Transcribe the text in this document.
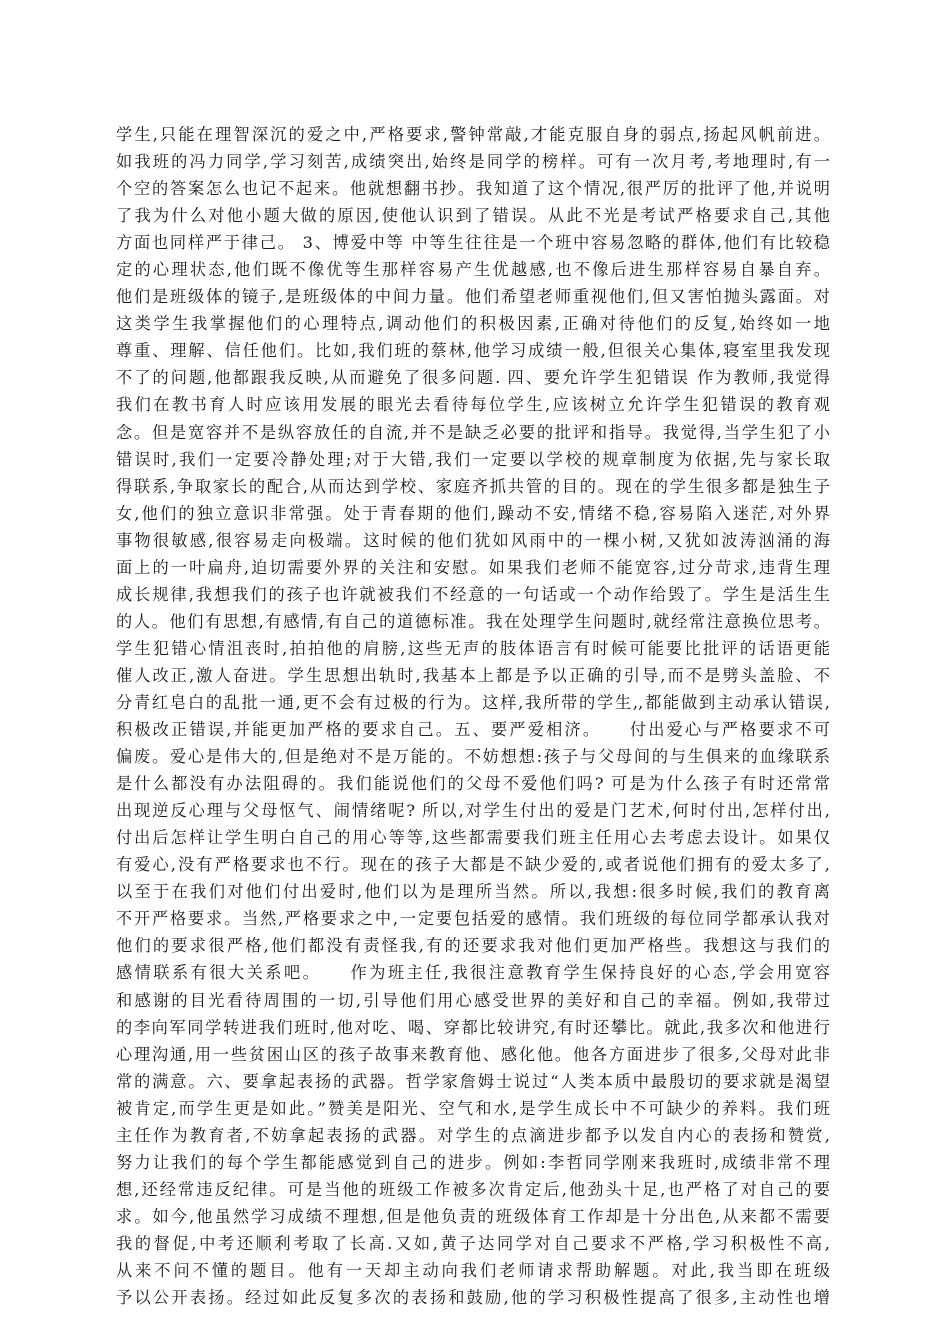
学生,只能在理智深沉的爱之中,严格要求,警钟常敲,才能克服自身的弱点,扬起风帆前进。
如我班的冯力同学,学习刻苦,成绩突出,始终是同学的榜样。可有一次月考,考地理时,有一
个空的答案怎么也记不起来。他就想翻书抄。我知道了这个情况,很严厉的批评了他,并说明
了我为什么对他小题大做的原因,使他认识到了错误。从此不光是考试严格要求自己,其他
方面也同样严于律己。 3、博爱中等 中等生往往是一个班中容易忽略的群体,他们有比较稳
定的心理状态,他们既不像优等生那样容易产生优越感,也不像后进生那样容易自暴自弃。
他们是班级体的镜子,是班级体的中间力量。他们希望老师重视他们,但又害怕抛头露面。对
这类学生我掌握他们的心理特点,调动他们的积极因素,正确对待他们的反复,始终如一地
尊重、理解、信任他们。比如,我们班的蔡林,他学习成绩一般,但很关心集体,寝室里我发现
不了的问题,他都跟我反映,从而避免了很多问题. 四、要允许学生犯错误 作为教师,我觉得
我们在教书育人时应该用发展的眼光去看待每位学生,应该树立允许学生犯错误的教育观
念。但是宽容并不是纵容放任的自流,并不是缺乏必要的批评和指导。我觉得,当学生犯了小
错误时,我们一定要冷静处理;对于大错,我们一定要以学校的规章制度为依据,先与家长取
得联系,争取家长的配合,从而达到学校、家庭齐抓共管的目的。现在的学生很多都是独生子
女,他们的独立意识非常强。处于青春期的他们,躁动不安,情绪不稳,容易陷入迷茫,对外界
事物很敏感,很容易走向极端。这时候的他们犹如风雨中的一棵小树,又犹如波涛汹涌的海
面上的一叶扁舟,迫切需要外界的关注和安慰。如果我们老师不能宽容,过分苛求,违背生理
成长规律,我想我们的孩子也许就被我们不经意的一句话或一个动作给毁了。学生是活生生
的人。他们有思想,有感情,有自己的道德标准。我在处理学生问题时,就经常注意换位思考。
学生犯错心情沮丧时,拍拍他的肩膀,这些无声的肢体语言有时候可能要比批评的话语更能
催人改正,激人奋进。学生思想出轨时,我基本上都是予以正确的引导,而不是劈头盖脸、不
分青红皂白的乱批一通,更不会有过极的行为。这样,我所带的学生,,都能做到主动承认错误,
积极改正错误,并能更加严格的要求自己。五、要严爱相济。　　付出爱心与严格要求不可
偏废。爱心是伟大的,但是绝对不是万能的。不妨想想:孩子与父母间的与生俱来的血缘联系
是什么都没有办法阻碍的。我们能说他们的父母不爱他们吗? 可是为什么孩子有时还常常
出现逆反心理与父母怄气、闹情绪呢? 所以,对学生付出的爱是门艺术,何时付出,怎样付出,
付出后怎样让学生明白自己的用心等等,这些都需要我们班主任用心去考虑去设计。如果仅
有爱心,没有严格要求也不行。现在的孩子大都是不缺少爱的,或者说他们拥有的爱太多了,
以至于在我们对他们付出爱时,他们以为是理所当然。所以,我想:很多时候,我们的教育离
不开严格要求。当然,严格要求之中,一定要包括爱的感情。我们班级的每位同学都承认我对
他们的要求很严格,他们都没有责怪我,有的还要求我对他们更加严格些。我想这与我们的
感情联系有很大关系吧。　　作为班主任,我很注意教育学生保持良好的心态,学会用宽容
和感谢的目光看待周围的一切,引导他们用心感受世界的美好和自己的幸福。例如,我带过
的李向军同学转进我们班时,他对吃、喝、穿都比较讲究,有时还攀比。就此,我多次和他进行
心理沟通,用一些贫困山区的孩子故事来教育他、感化他。他各方面进步了很多,父母对此非
常的满意。六、要拿起表扬的武器。哲学家詹姆士说过“人类本质中最殷切的要求就是渴望
被肯定,而学生更是如此。”赞美是阳光、空气和水,是学生成长中不可缺少的养料。我们班
主任作为教育者,不妨拿起表扬的武器。对学生的点滴进步都予以发自内心的表扬和赞赏,
努力让我们的每个学生都能感觉到自己的进步。例如:李哲同学刚来我班时,成绩非常不理
想,还经常违反纪律。可是当他的班级工作被多次肯定后,他劲头十足,也严格了对自己的要
求。如今,他虽然学习成绩不理想,但是他负责的班级体育工作却是十分出色,从来都不需要
我的督促,中考还顺利考取了长高.又如,黄子达同学对自己要求不严格,学习积极性不高,
从来不问不懂的题目。他有一天却主动向我们老师请求帮助解题。对此,我当即在班级
予以公开表扬。经过如此反复多次的表扬和鼓励,他的学习积极性提高了很多,主动性也增
